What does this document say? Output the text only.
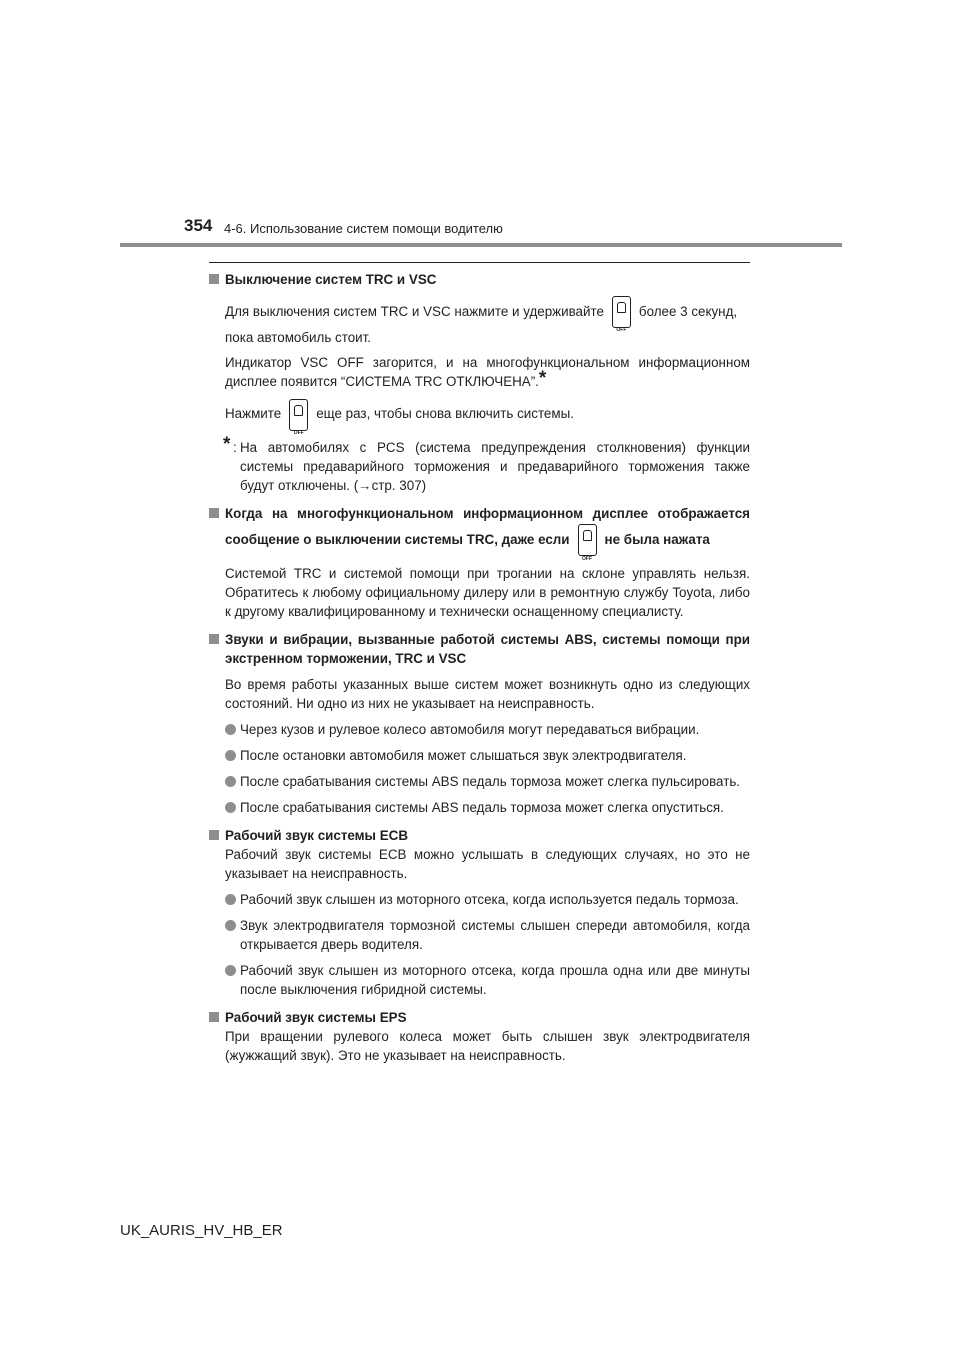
354 4-6. Использование систем помощи водителю

Выключение систем TRC и VSC

Для выключения систем TRC и VSC нажмите и удерживайте
OFF
более 3 секунд,

пока автомобиль стоит.

Индикатор VSC OFF загорится, и на многофункциональном информационном дисплее появится “СИСТЕМА TRC ОТКЛЮЧЕНА”.*

Нажмите
OFF
еще раз, чтобы снова включить системы.

* : На автомобилях с PCS (система предупреждения столкновения) функции системы предаварийного торможения и предаварийного торможения также будут отключены. (→стр. 307)

Когда на многофункциональном информационном дисплее отображается

сообщение о выключении системы TRC, даже если
OFF
не была нажата

Системой TRC и системой помощи при трогании на склоне управлять нельзя. Обратитесь к любому официальному дилеру или в ремонтную службу Toyota, либо к другому квалифицированному и технически оснащенному специалисту.

Звуки и вибрации, вызванные работой системы ABS, системы помощи при экстренном торможении, TRC и VSC

Во время работы указанных выше систем может возникнуть одно из следующих состояний. Ни одно из них не указывает на неисправность.

Через кузов и рулевое колесо автомобиля могут передаваться вибрации.

После остановки автомобиля может слышаться звук электродвигателя.

После срабатывания системы ABS педаль тормоза может слегка пульсировать.

После срабатывания системы ABS педаль тормоза может слегка опуститься.

Рабочий звук системы ECB

Рабочий звук системы ECB можно услышать в следующих случаях, но это не указывает на неисправность.

Рабочий звук слышен из моторного отсека, когда используется педаль тормоза.

Звук электродвигателя тормозной системы слышен спереди автомобиля, когда открывается дверь водителя.

Рабочий звук слышен из моторного отсека, когда прошла одна или две минуты после выключения гибридной системы.

Рабочий звук системы EPS

При вращении рулевого колеса может быть слышен звук электродвигателя (жужжащий звук). Это не указывает на неисправность.

UK_AURIS_HV_HB_ER
